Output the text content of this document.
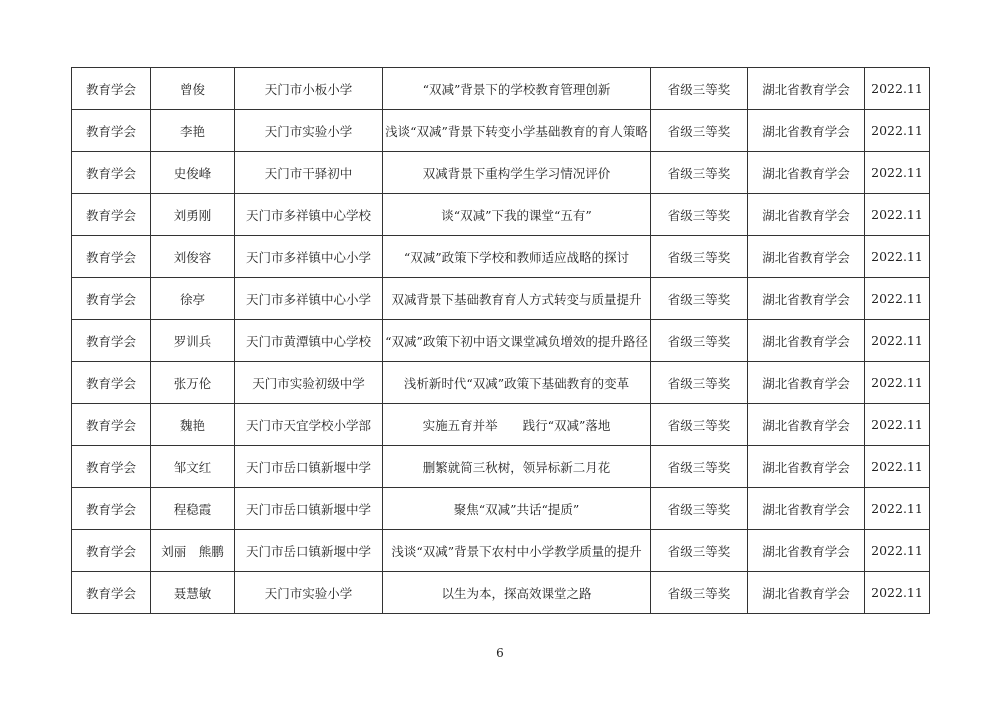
教育学会	曾俊	天门市小板小学	“双减”背景下的学校教育管理创新	省级三等奖	湖北省教育学会	2022.11
教育学会	李艳	天门市实验小学	浅谈“双减”背景下转变小学基础教育的育人策略	省级三等奖	湖北省教育学会	2022.11
教育学会	史俊峰	天门市干驿初中	双减背景下重构学生学习情况评价	省级三等奖	湖北省教育学会	2022.11
教育学会	刘勇刚	天门市多祥镇中心学校	谈“双减”下我的课堂“五有”	省级三等奖	湖北省教育学会	2022.11
教育学会	刘俊容	天门市多祥镇中心小学	“双减”政策下学校和教师适应战略的探讨	省级三等奖	湖北省教育学会	2022.11
教育学会	徐亭	天门市多祥镇中心小学	双减背景下基础教育育人方式转变与质量提升	省级三等奖	湖北省教育学会	2022.11
教育学会	罗训兵	天门市黄潭镇中心学校	“双减”政策下初中语文课堂减负增效的提升路径	省级三等奖	湖北省教育学会	2022.11
教育学会	张万伦	天门市实验初级中学	浅析新时代“双减”政策下基础教育的变革	省级三等奖	湖北省教育学会	2022.11
教育学会	魏艳	天门市天宜学校小学部	实施五育并举　　践行“双减”落地	省级三等奖	湖北省教育学会	2022.11
教育学会	邹文红	天门市岳口镇新堰中学	删繁就简三秋树，领异标新二月花	省级三等奖	湖北省教育学会	2022.11
教育学会	程稳霞	天门市岳口镇新堰中学	聚焦“双减”共话“提质”	省级三等奖	湖北省教育学会	2022.11
教育学会	刘丽　熊鹏	天门市岳口镇新堰中学	浅谈“双减”背景下农村中小学教学质量的提升	省级三等奖	湖北省教育学会	2022.11
教育学会	聂慧敏	天门市实验小学	以生为本，探高效课堂之路	省级三等奖	湖北省教育学会	2022.11
6
